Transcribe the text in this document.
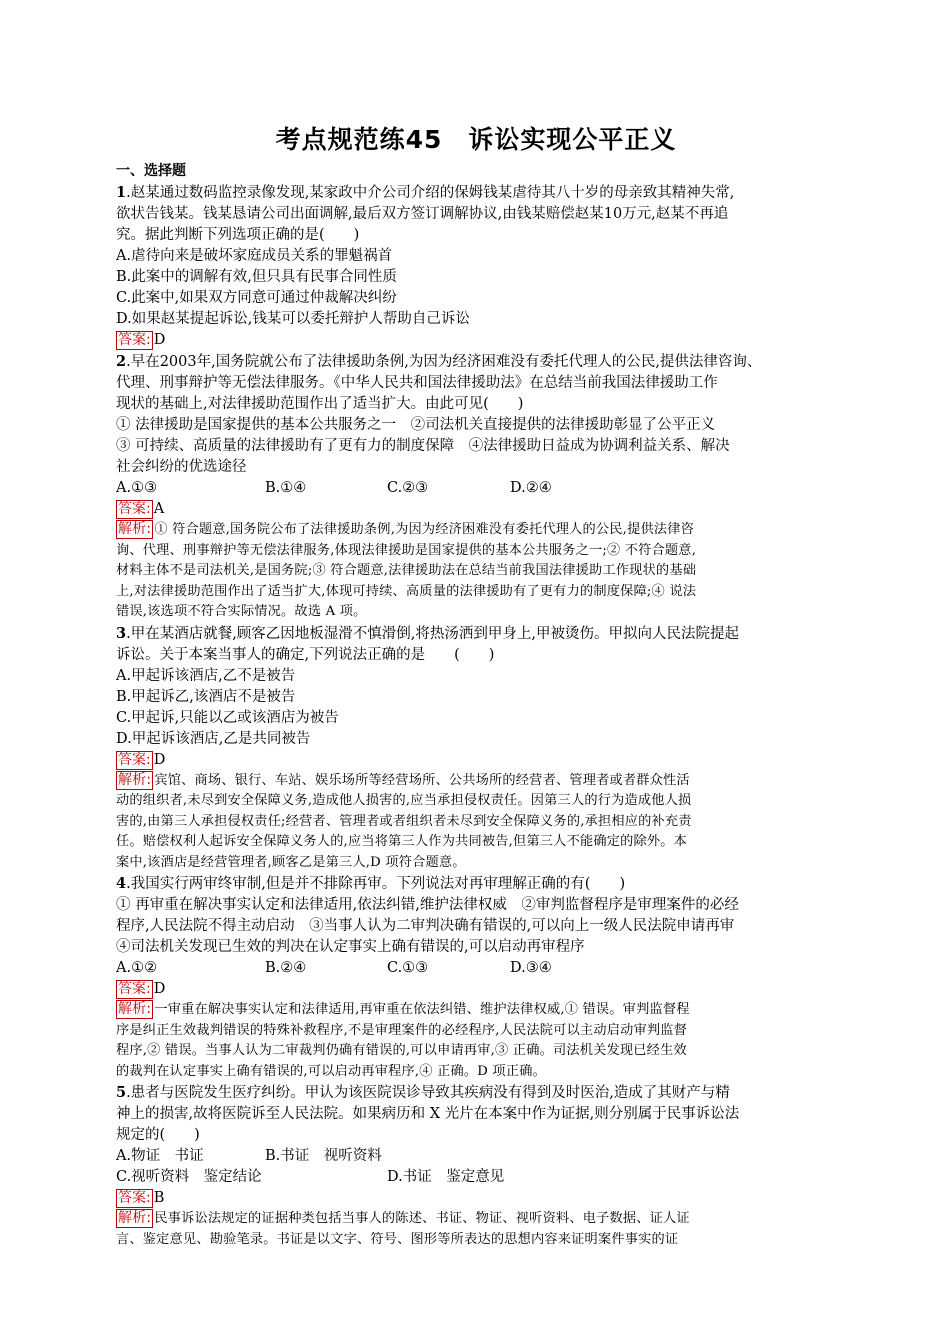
考点规范练45　诉讼实现公平正义
一、选择题
1.赵某通过数码监控录像发现,某家政中介公司介绍的保姆钱某虐待其八十岁的母亲致其精神失常,
欲状告钱某。钱某恳请公司出面调解,最后双方签订调解协议,由钱某赔偿赵某10万元,赵某不再追
究。据此判断下列选项正确的是(　　)
A.虐待向来是破坏家庭成员关系的罪魁祸首
B.此案中的调解有效,但只具有民事合同性质
C.此案中,如果双方同意可通过仲裁解决纠纷
D.如果赵某提起诉讼,钱某可以委托辩护人帮助自己诉讼
答案: D
2.早在2003年,国务院就公布了法律援助条例,为因为经济困难没有委托代理人的公民,提供法律咨询、
代理、刑事辩护等无偿法律服务。《中华人民共和国法律援助法》在总结当前我国法律援助工作
现状的基础上,对法律援助范围作出了适当扩大。由此可见(　　)
① 法律援助是国家提供的基本公共服务之一　②司法机关直接提供的法律援助彰显了公平正义
③ 可持续、高质量的法律援助有了更有力的制度保障　④法律援助日益成为协调利益关系、解决
社会纠纷的优选途径
A.①③	B.①④	C.②③	D.②④
答案: A
解析: ① 符合题意,国务院公布了法律援助条例,为因为经济困难没有委托代理人的公民,提供法律咨
询、代理、刑事辩护等无偿法律服务,体现法律援助是国家提供的基本公共服务之一;② 不符合题意,
材料主体不是司法机关,是国务院;③ 符合题意,法律援助法在总结当前我国法律援助工作现状的基础
上,对法律援助范围作出了适当扩大,体现可持续、高质量的法律援助有了更有力的制度保障;④ 说法
错误,该选项不符合实际情况。故选 A 项。
3.甲在某酒店就餐,顾客乙因地板湿滑不慎滑倒,将热汤洒到甲身上,甲被烫伤。甲拟向人民法院提起
诉讼。关于本案当事人的确定,下列说法正确的是　　(　　)
A.甲起诉该酒店,乙不是被告
B.甲起诉乙,该酒店不是被告
C.甲起诉,只能以乙或该酒店为被告
D.甲起诉该酒店,乙是共同被告
答案: D
解析: 宾馆、商场、银行、车站、娱乐场所等经营场所、公共场所的经营者、管理者或者群众性活
动的组织者,未尽到安全保障义务,造成他人损害的,应当承担侵权责任。因第三人的行为造成他人损
害的,由第三人承担侵权责任;经营者、管理者或者组织者未尽到安全保障义务的,承担相应的补充责
任。赔偿权利人起诉安全保障义务人的,应当将第三人作为共同被告,但第三人不能确定的除外。本
案中,该酒店是经营管理者,顾客乙是第三人,D 项符合题意。
4.我国实行两审终审制,但是并不排除再审。下列说法对再审理解正确的有(　　)
① 再审重在解决事实认定和法律适用,依法纠错,维护法律权威　②审判监督程序是审理案件的必经
程序,人民法院不得主动启动　③当事人认为二审判决确有错误的,可以向上一级人民法院申请再审
④司法机关发现已生效的判决在认定事实上确有错误的,可以启动再审程序
A.①②	B.②④	C.①③	D.③④
答案: D
解析: 一审重在解决事实认定和法律适用,再审重在依法纠错、维护法律权威,① 错误。审判监督程
序是纠正生效裁判错误的特殊补救程序,不是审理案件的必经程序,人民法院可以主动启动审判监督
程序,② 错误。当事人认为二审裁判仍确有错误的,可以申请再审,③ 正确。司法机关发现已经生效
的裁判在认定事实上确有错误的,可以启动再审程序,④ 正确。D 项正确。
5.患者与医院发生医疗纠纷。甲认为该医院误诊导致其疾病没有得到及时医治,造成了其财产与精
神上的损害,故将医院诉至人民法院。如果病历和 X 光片在本案中作为证据,则分别属于民事诉讼法
规定的(　　)
A.物证　书证	B.书证　视听资料
C.视听资料　鉴定结论	D.书证　鉴定意见
答案: B
解析: 民事诉讼法规定的证据种类包括当事人的陈述、书证、物证、视听资料、电子数据、证人证
言、鉴定意见、勘验笔录。书证是以文字、符号、图形等所表达的思想内容来证明案件事实的证
